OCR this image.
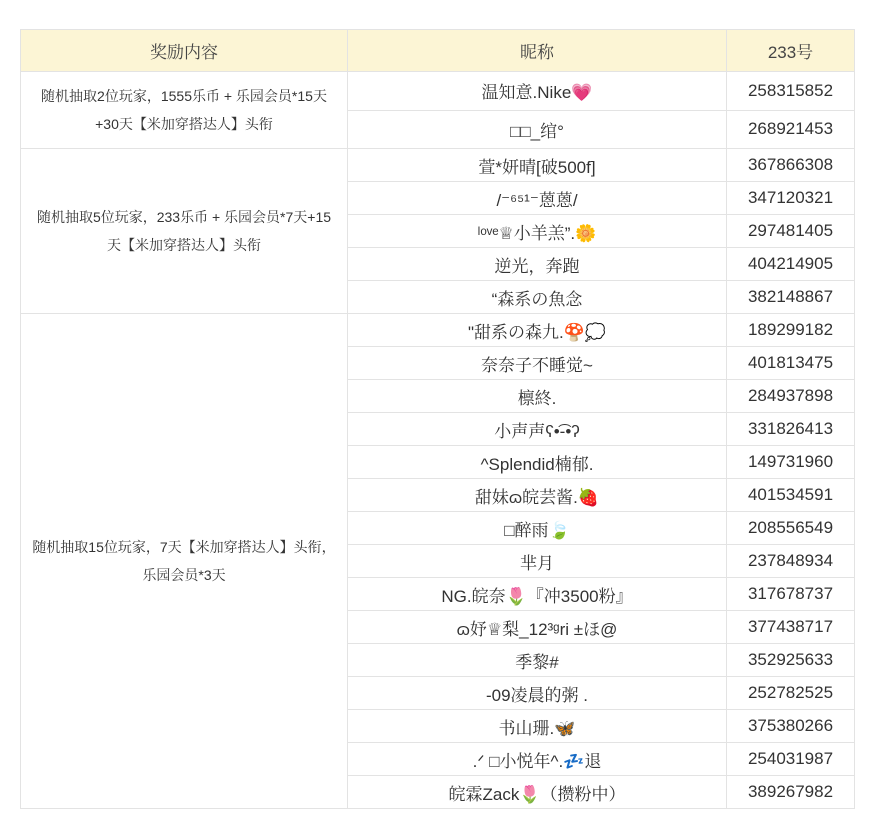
奖励内容	昵称	233号
随机抽取2位玩家，1555乐币 + 乐园会员*15天+30天【米加穿搭达人】头衔	温知意.Nike💗	258315852
	□□_绾°	268921453
随机抽取5位玩家，233乐币 + 乐园会员*7天+15天【米加穿搭达人】头衔	萱*妍晴[破500f]	367866308
	/⁻⁶⁵¹⁻蒽蒽/	347120321
	ˡᵒᵛᵉ♕小羊羔”.🌼	297481405
	逆光，奔跑	404214905
	“森系の魚念	382148867
随机抽取15位玩家，7天【米加穿搭达人】头衔， 乐园会员*3天	"甜系の森九.🍄💭	189299182
	奈奈子不睡觉~	401813475
	檩終.	284937898
	小声声ʕ•͡-•ʔ	331826413
	^Splendid楠郁.	149731960
	甜妹ɷ皖芸酱.🍓	401534591
	□醉雨🍃	208556549
	芈月	237848934
	NG.皖奈🌷『冲3500粉』	317678737
	ɷ妤♕梨_12³ᵍri ±ほ@	377438717
	季黎#	352925633
	-09凌晨的粥 .	252782525
	书山珊.🦋	375380266
	.ᐟ □小悦年^.💤退	254031987
	皖霖Zack🌷（攒粉中）	389267982
